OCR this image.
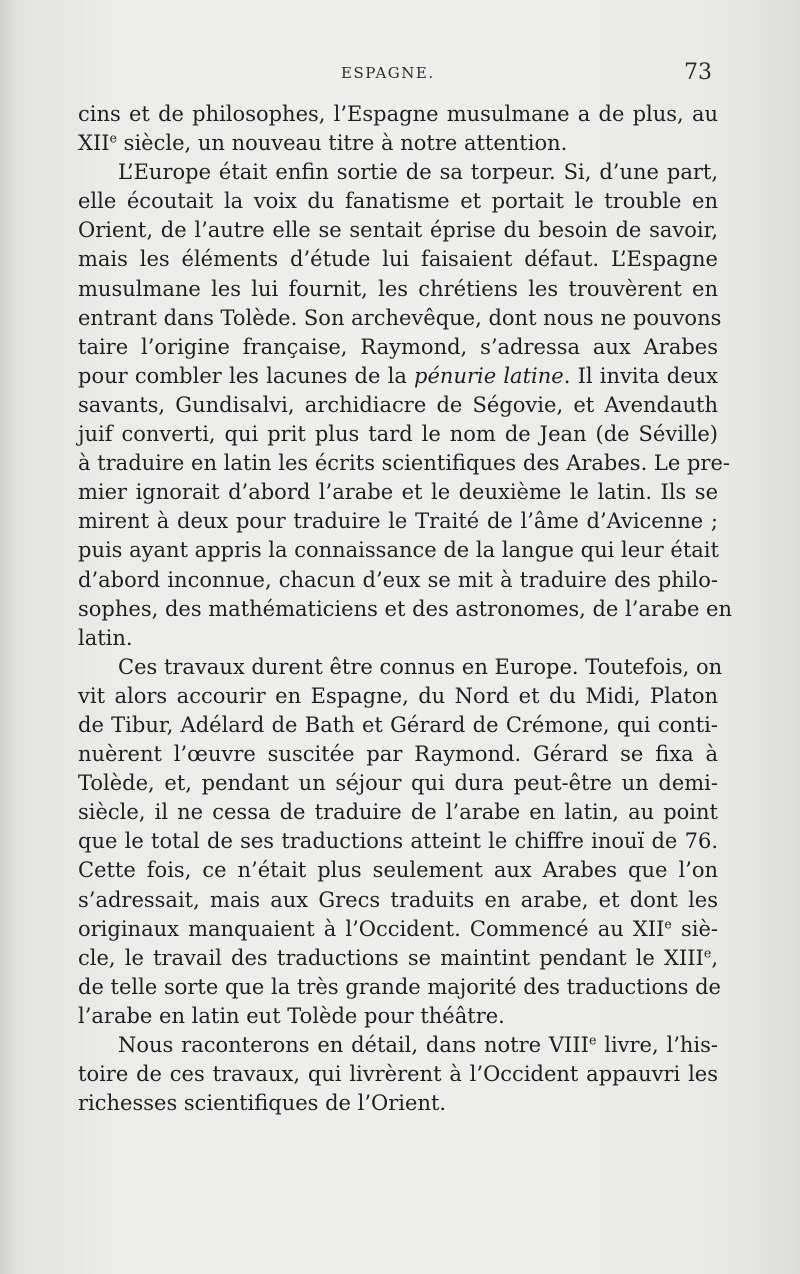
ESPAGNE.	73
cins et de philosophes, l’Espagne musulmane a de plus, au
XIIe siècle, un nouveau titre à notre attention.
L’Europe était enfin sortie de sa torpeur. Si, d’une part,
elle écoutait la voix du fanatisme et portait le trouble en
Orient, de l’autre elle se sentait éprise du besoin de savoir,
mais les éléments d’étude lui faisaient défaut. L’Espagne
musulmane les lui fournit, les chrétiens les trouvèrent en
entrant dans Tolède. Son archevêque, dont nous ne pouvons
taire l’origine française, Raymond, s’adressa aux Arabes
pour combler les lacunes de la pénurie latine. Il invita deux
savants, Gundisalvi, archidiacre de Ségovie, et Avendauth
juif converti, qui prit plus tard le nom de Jean (de Séville)
à traduire en latin les écrits scientifiques des Arabes. Le pre-
mier ignorait d’abord l’arabe et le deuxième le latin. Ils se
mirent à deux pour traduire le Traité de l’âme d’Avicenne ;
puis ayant appris la connaissance de la langue qui leur était
d’abord inconnue, chacun d’eux se mit à traduire des philo-
sophes, des mathématiciens et des astronomes, de l’arabe en
latin.
Ces travaux durent être connus en Europe. Toutefois, on
vit alors accourir en Espagne, du Nord et du Midi, Platon
de Tibur, Adélard de Bath et Gérard de Crémone, qui conti-
nuèrent l’œuvre suscitée par Raymond. Gérard se fixa à
Tolède, et, pendant un séjour qui dura peut-être un demi-
siècle, il ne cessa de traduire de l’arabe en latin, au point
que le total de ses traductions atteint le chiffre inouï de 76.
Cette fois, ce n’était plus seulement aux Arabes que l’on
s’adressait, mais aux Grecs traduits en arabe, et dont les
originaux manquaient à l’Occident. Commencé au XIIe siè-
cle, le travail des traductions se maintint pendant le XIIIe,
de telle sorte que la très grande majorité des traductions de
l’arabe en latin eut Tolède pour théâtre.
Nous raconterons en détail, dans notre VIIIe livre, l’his-
toire de ces travaux, qui livrèrent à l’Occident appauvri les
richesses scientifiques de l’Orient.
